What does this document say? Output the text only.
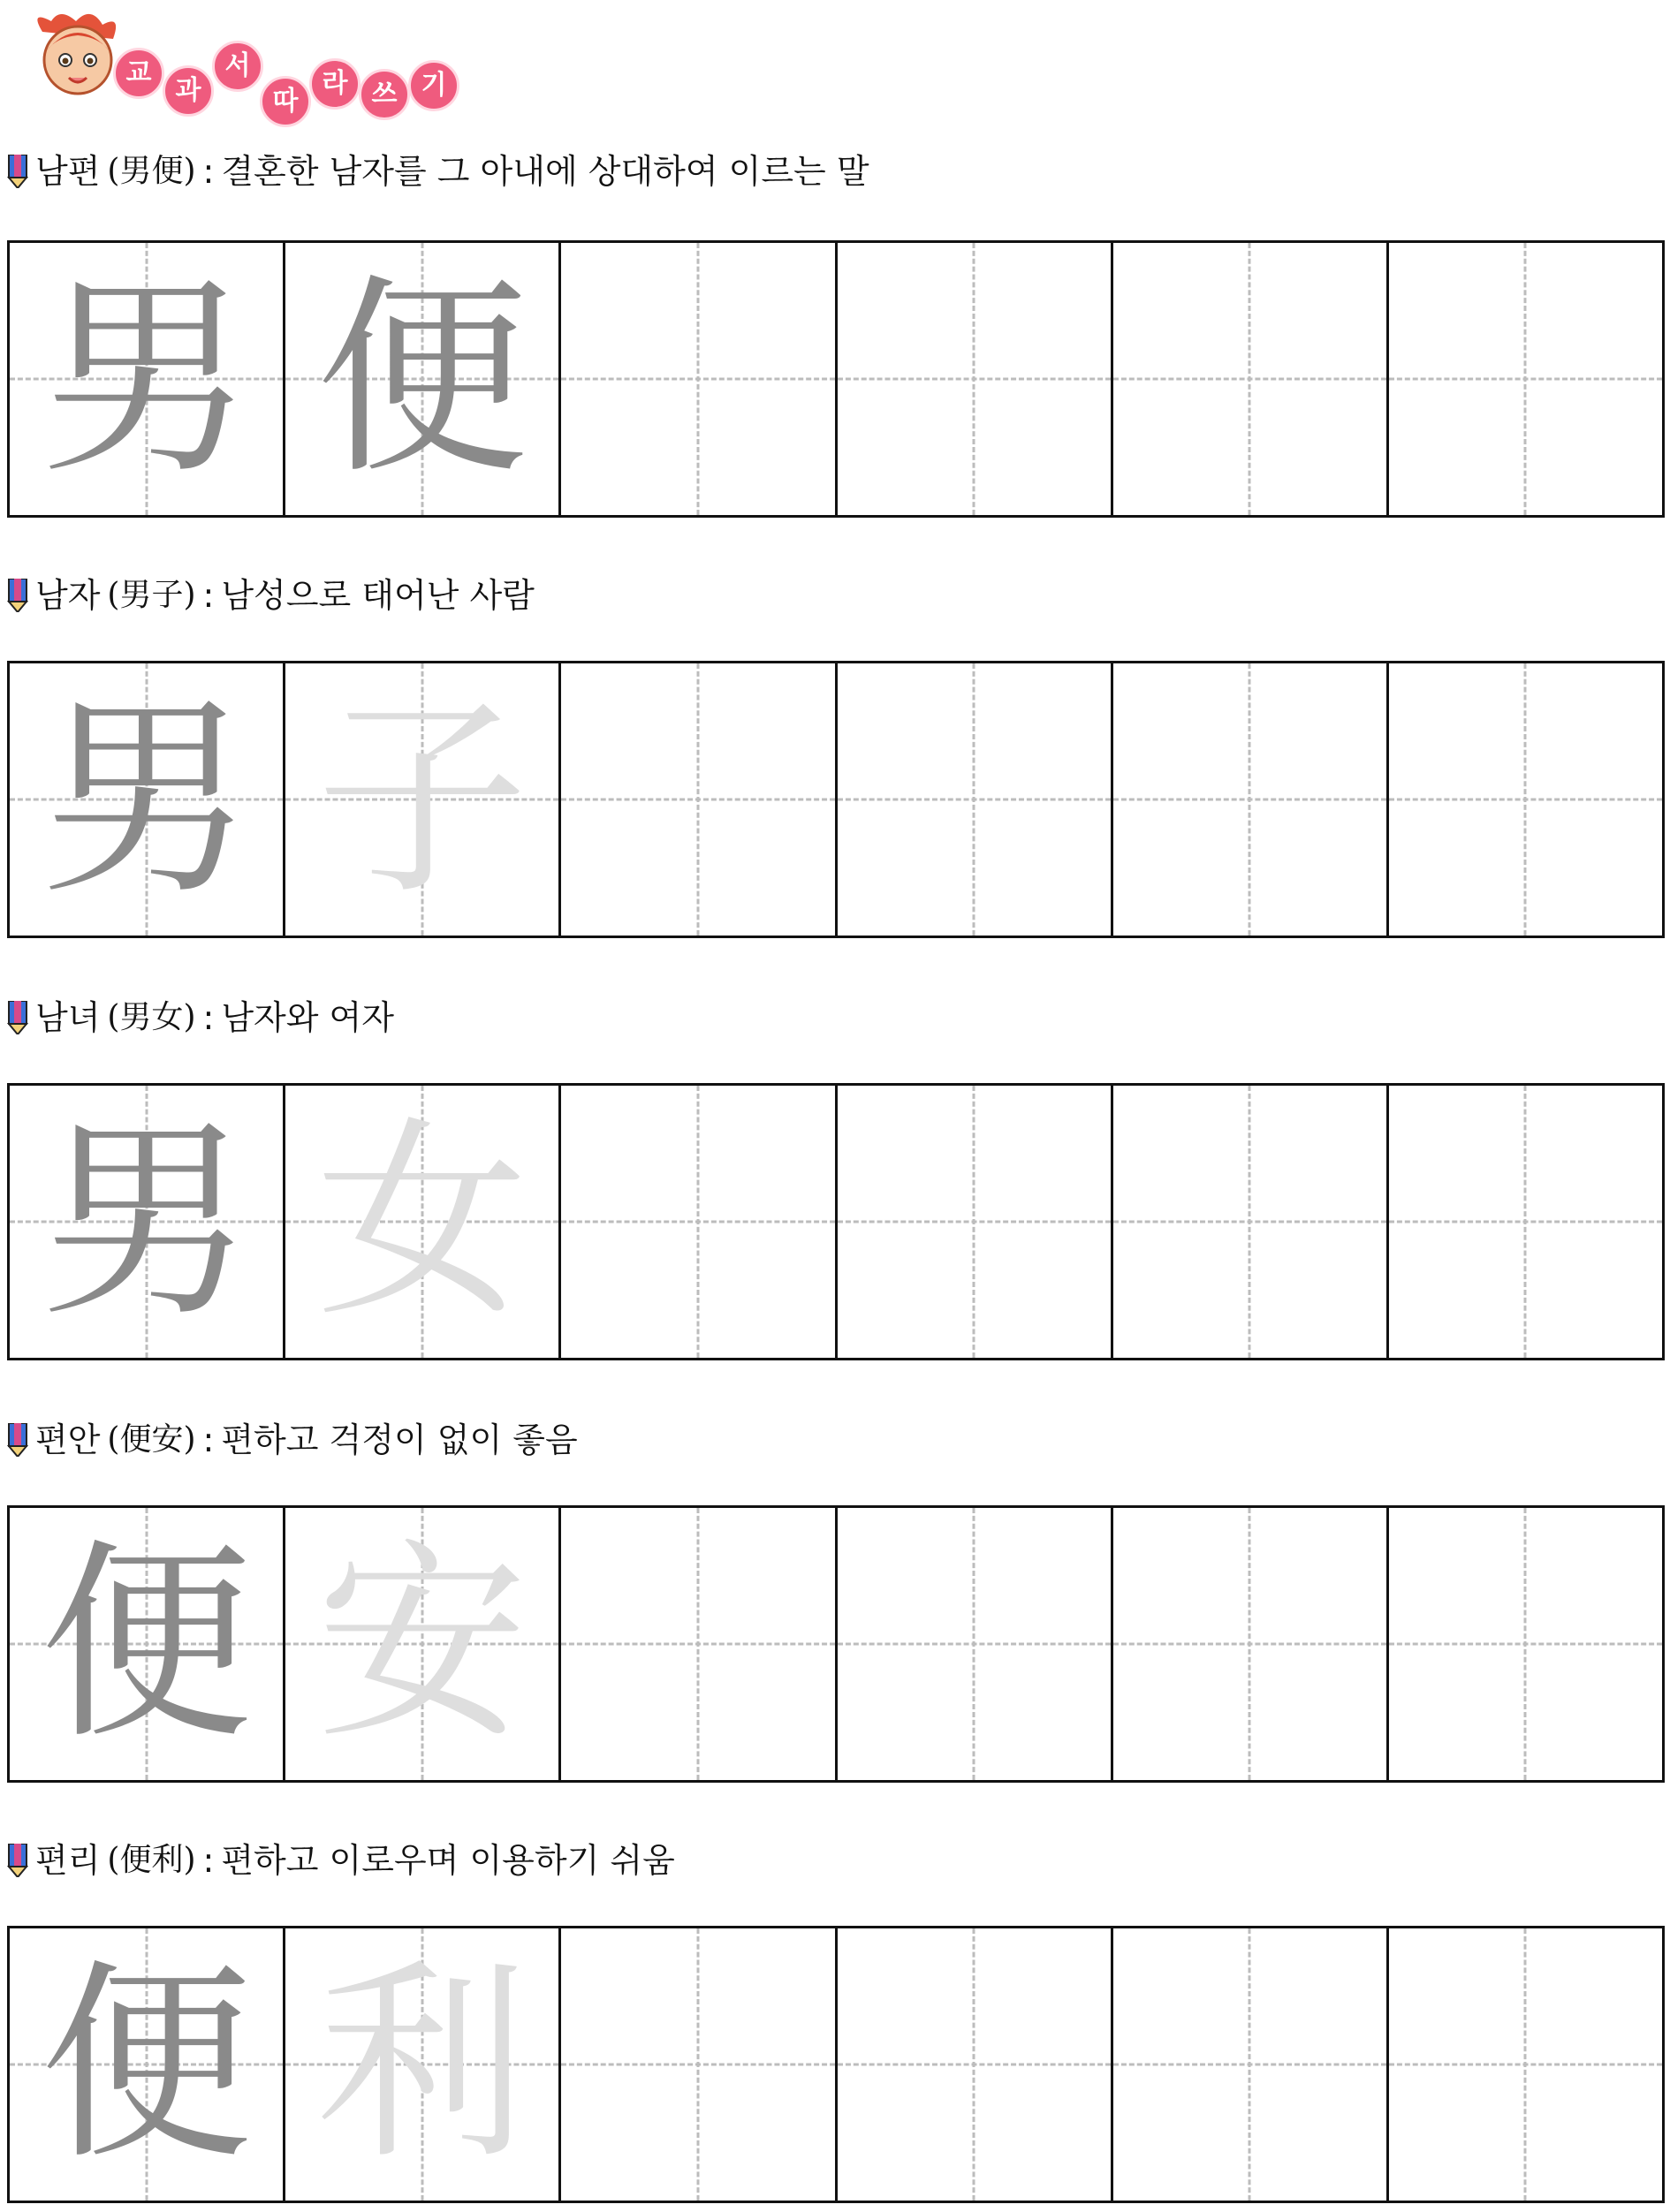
교
과
서
따
라 쓰 기
남편 (男便) : 결혼한 남자를 그 아내에 상대하여 이르는 말
男 便
남자 (男子) : 남성으로 태어난 사람
男 子
남녀 (男女) : 남자와 여자
男 女
편안 (便安) : 편하고 걱정이 없이 좋음
便 安
편리 (便利) : 편하고 이로우며 이용하기 쉬움
便 利
